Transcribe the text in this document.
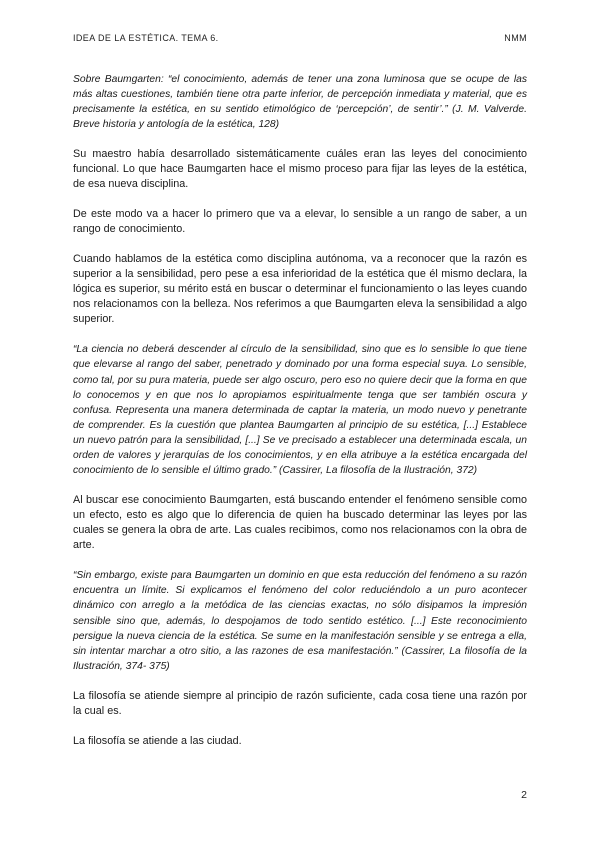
IDEA DE LA ESTÉTICA. TEMA 6.	NMM

Sobre Baumgarten: “el conocimiento, además de tener una zona luminosa que se ocupe de las más altas cuestiones, también tiene otra parte inferior, de percepción inmediata y material, que es precisamente la estética, en su sentido etimológico de ‘percepción’, de sentir’.” (J. M. Valverde. Breve historia y antología de la estética, 128)

Su maestro había desarrollado sistemáticamente cuáles eran las leyes del conocimiento funcional. Lo que hace Baumgarten hace el mismo proceso para fijar las leyes de la estética, de esa nueva disciplina.

De este modo va a hacer lo primero que va a elevar, lo sensible a un rango de saber, a un rango de conocimiento.

Cuando hablamos de la estética como disciplina autónoma, va a reconocer que la razón es superior a la sensibilidad, pero pese a esa inferioridad de la estética que él mismo declara, la lógica es superior, su mérito está en buscar o determinar el funcionamiento o las leyes cuando nos relacionamos con la belleza. Nos referimos a que Baumgarten eleva la sensibilidad a algo superior.

“La ciencia no deberá descender al círculo de la sensibilidad, sino que es lo sensible lo que tiene que elevarse al rango del saber, penetrado y dominado por una forma especial suya. Lo sensible, como tal, por su pura materia, puede ser algo oscuro, pero eso no quiere decir que la forma en que lo conocemos y en que nos lo apropiamos espiritualmente tenga que ser también oscura y confusa. Representa una manera determinada de captar la materia, un modo nuevo y penetrante de comprender. Es la cuestión que plantea Baumgarten al principio de su estética, [...] Establece un nuevo patrón para la sensibilidad, [...] Se ve precisado a establecer una determinada escala, un orden de valores y jerarquías de los conocimientos, y en ella atribuye a la estética encargada del conocimiento de lo sensible el último grado.” (Cassirer, La filosofía de la Ilustración, 372)

Al buscar ese conocimiento Baumgarten, está buscando entender el fenómeno sensible como un efecto, esto es algo que lo diferencia de quien ha buscado determinar las leyes por las cuales se genera la obra de arte. Las cuales recibimos, como nos relacionamos con la obra de arte.

“Sin embargo, existe para Baumgarten un dominio en que esta reducción del fenómeno a su razón encuentra un límite. Si explicamos el fenómeno del color reduciéndolo a un puro acontecer dinámico con arreglo a la metódica de las ciencias exactas, no sólo disipamos la impresión sensible sino que, además, lo despojamos de todo sentido estético. [...] Este reconocimiento persigue la nueva ciencia de la estética. Se sume en la manifestación sensible y se entrega a ella, sin intentar marchar a otro sitio, a las razones de esa manifestación.” (Cassirer, La filosofía de la Ilustración, 374- 375)

La filosofía se atiende siempre al principio de razón suficiente, cada cosa tiene una razón por la cual es.

La filosofía se atiende a las ciudad.

2
